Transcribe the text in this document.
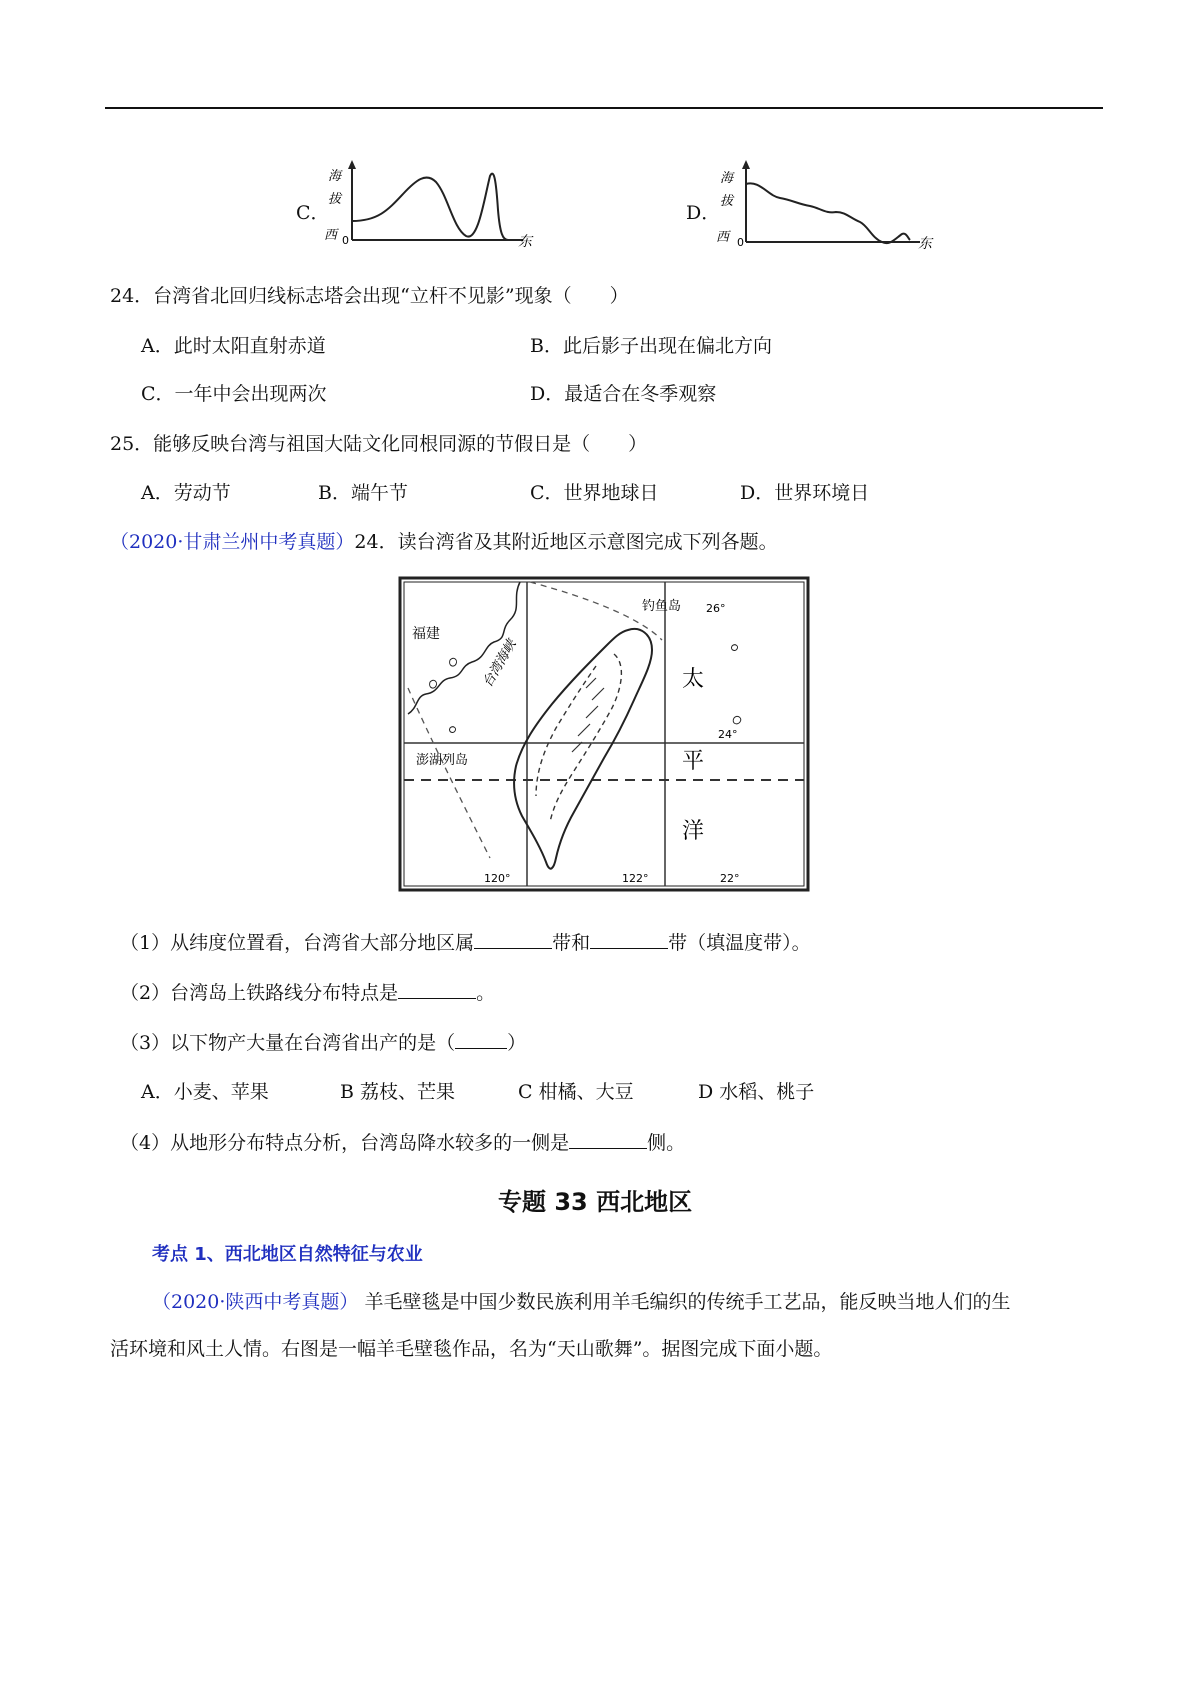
C．
海
拔
西 0	东
D．
海
拔
西 0	东
24．台湾省北回归线标志塔会出现“立杆不见影”现象（　　）
A．此时太阳直射赤道	B．此后影子出现在偏北方向
C．一年中会出现两次	D．最适合在冬季观察
25．能够反映台湾与祖国大陆文化同根同源的节假日是（　　）
A．劳动节	B．端午节	C．世界地球日	D．世界环境日
（2020·甘肃兰州中考真题）24．读台湾省及其附近地区示意图完成下列各题。
福建
钓鱼岛 26°
澎湖列岛
台湾海峡	太
平
洋
24°
22°
120°	122°
（1）从纬度位置看，台湾省大部分地区属	带和	带（填温度带）。
（2）台湾岛上铁路线分布特点是	。
（3）以下物产大量在台湾省出产的是（	）
A．小麦、苹果	B 荔枝、芒果	C 柑橘、大豆	D 水稻、桃子
（4）从地形分布特点分析，台湾岛降水较多的一侧是	侧。
专题 33 西北地区
考点 1、西北地区自然特征与农业
（2020·陕西中考真题） 羊毛壁毯是中国少数民族利用羊毛编织的传统手工艺品，能反映当地人们的生
活环境和风土人情。右图是一幅羊毛壁毯作品，名为“天山歌舞”。据图完成下面小题。
